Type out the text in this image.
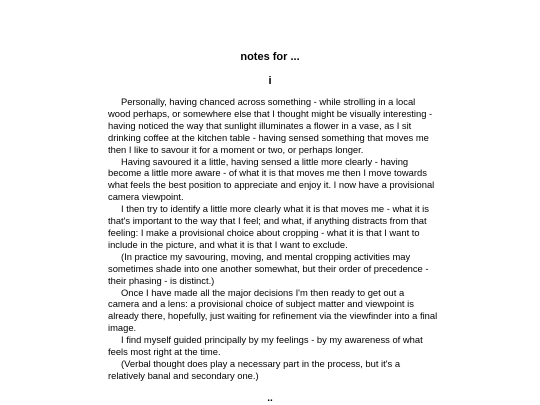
notes for ...
i

Personally, having chanced across something - while strolling in a local wood perhaps, or somewhere else that I thought might be visually interesting - having noticed the way that sunlight illuminates a flower in a vase, as I sit drinking coffee at the kitchen table - having sensed something that moves me then I like to savour it for a moment or two, or perhaps longer.

Having savoured it a little, having sensed a little more clearly - having become a little more aware - of what it is that moves me then I move towards what feels the best position to appreciate and enjoy it. I now have a provisional camera viewpoint.

I then try to identify a little more clearly what it is that moves me - what it is that's important to the way that I feel; and what, if anything distracts from that feeling: I make a provisional choice about cropping - what it is that I want to include in the picture, and what it is that I want to exclude.

(In practice my savouring, moving, and mental cropping activities may sometimes shade into one another somewhat, but their order of precedence - their phasing - is distinct.)

Once I have made all the major decisions I'm then ready to get out a camera and a lens: a provisional choice of subject matter and viewpoint is already there, hopefully, just waiting for refinement via the viewfinder into a final image.

I find myself guided principally by my feelings - by my awareness of what feels most right at the time.

(Verbal thought does play a necessary part in the process, but it's a relatively banal and secondary one.)

..
